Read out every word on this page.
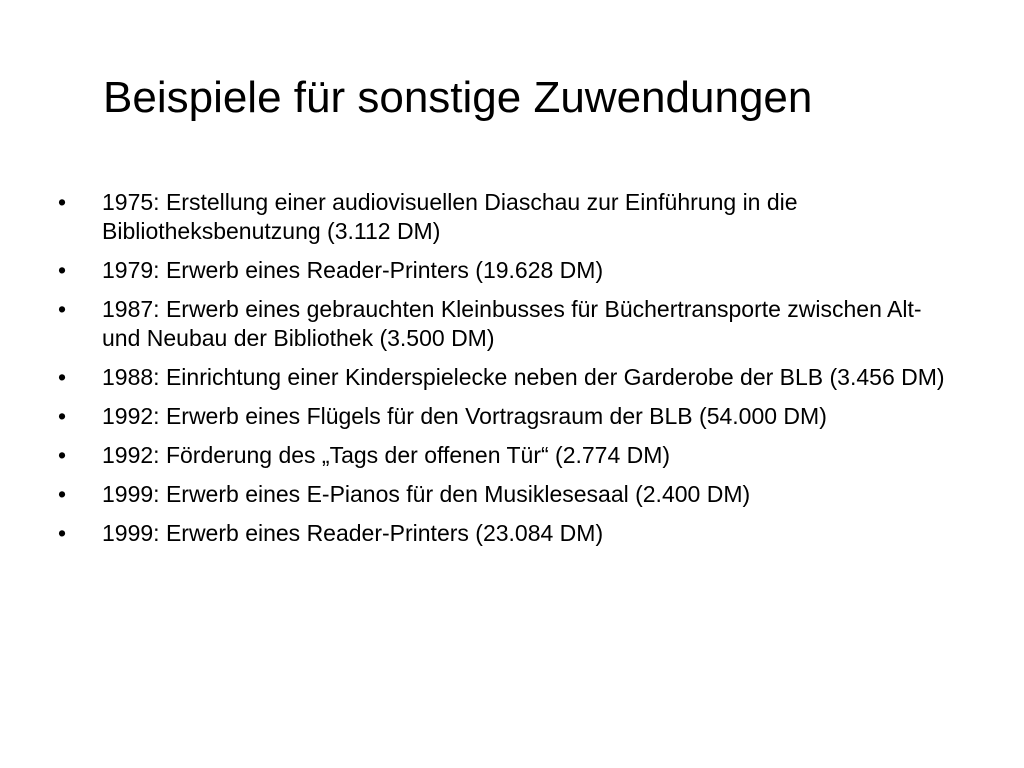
Beispiele für sonstige Zuwendungen
•	1975: Erstellung einer audiovisuellen Diaschau zur Einführung in die Bibliotheksbenutzung (3.112 DM)
•	1979: Erwerb eines Reader-Printers (19.628 DM)
•	1987: Erwerb eines gebrauchten Kleinbusses für Büchertransporte zwischen Alt- und Neubau der Bibliothek (3.500 DM)
•	1988: Einrichtung einer Kinderspielecke neben der Garderobe der BLB (3.456 DM)
•	1992: Erwerb eines Flügels für den Vortragsraum der BLB (54.000 DM)
•	1992: Förderung des „Tags der offenen Tür“ (2.774 DM)
•	1999: Erwerb eines E-Pianos für den Musiklesesaal (2.400 DM)
•	1999: Erwerb eines Reader-Printers (23.084 DM)
